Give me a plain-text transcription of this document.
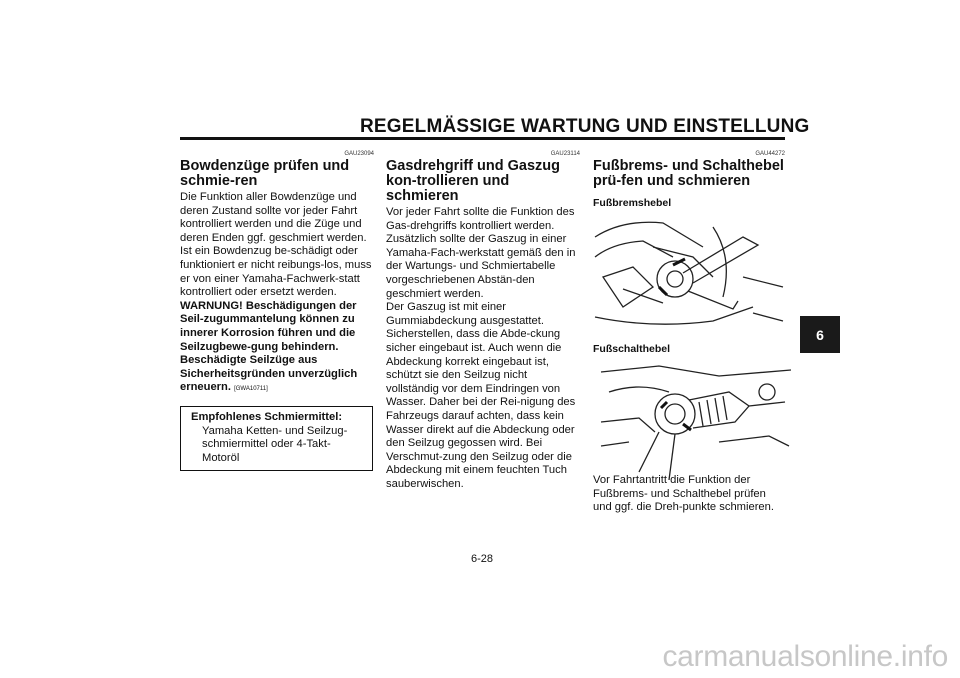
REGELMÄSSIGE WARTUNG UND EINSTELLUNG
GAU23094
Bowdenzüge prüfen und schmie-ren

Die Funktion aller Bowdenzüge und deren Zustand sollte vor jeder Fahrt kontrolliert werden und die Züge und deren Enden ggf. geschmiert werden. Ist ein Bowdenzug be-schädigt oder funktioniert er nicht reibungs-los, muss er von einer Yamaha-Fachwerk-statt kontrolliert oder ersetzt werden.

WARNUNG! Beschädigungen der Seil-zugummantelung können zu innerer Korrosion führen und die Seilzugbewe-gung behindern. Beschädigte Seilzüge aus Sicherheitsgründen unverzüglich erneuern. [GWA10711]

Empfohlenes Schmiermittel:
Yamaha Ketten- und Seilzug-schmiermittel oder 4-Takt-Motoröl
GAU23114
Gasdrehgriff und Gaszug kon-trollieren und schmieren

Vor jeder Fahrt sollte die Funktion des Gas-drehgriffs kontrolliert werden. Zusätzlich sollte der Gaszug in einer Yamaha-Fach-werkstatt gemäß den in der Wartungs- und Schmiertabelle vorgeschriebenen Abstän-den geschmiert werden.

Der Gaszug ist mit einer Gummiabdeckung ausgestattet. Sicherstellen, dass die Abde-ckung sicher eingebaut ist. Auch wenn die Abdeckung korrekt eingebaut ist, schützt sie den Seilzug nicht vollständig vor dem Eindringen von Wasser. Daher bei der Rei-nigung des Fahrzeugs darauf achten, dass kein Wasser direkt auf die Abdeckung oder den Seilzug gegossen wird. Bei Verschmut-zung den Seilzug oder die Abdeckung mit einem feuchten Tuch sauberwischen.

GAU44272
Fußbrems- und Schalthebel prü-fen und schmieren
Fußbremshebel
Fußschalthebel
Vor Fahrtantritt die Funktion der Fußbrems- und Schalthebel prüfen und ggf. die Dreh-punkte schmieren.
6
6-28
carmanualsonline.info
